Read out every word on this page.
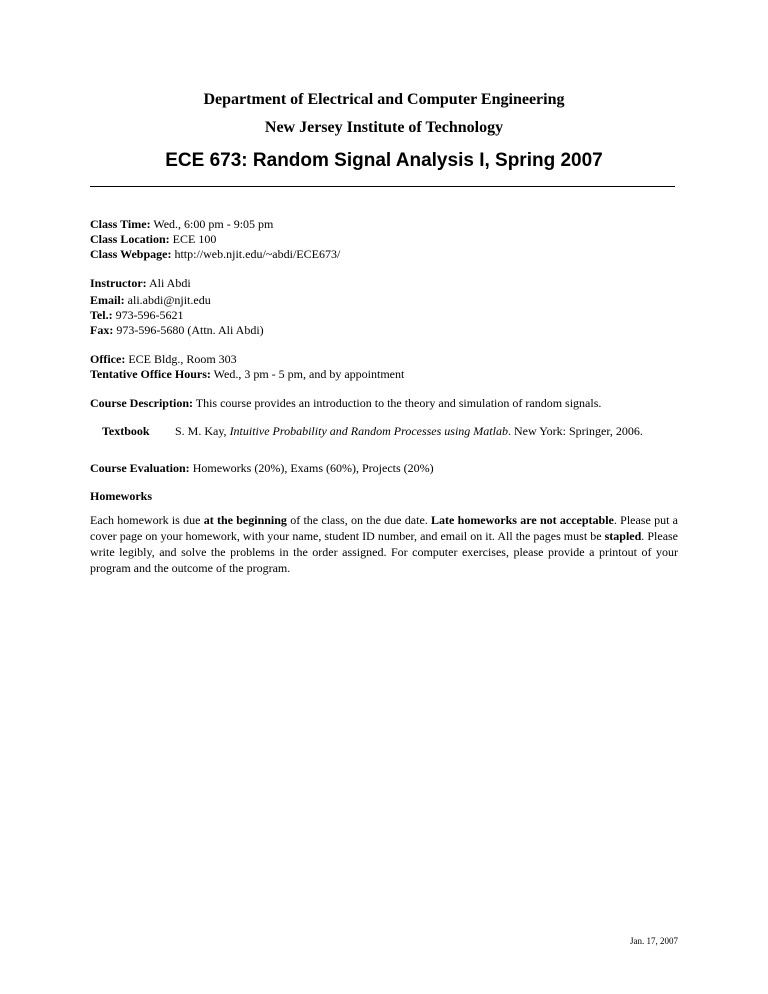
Department of Electrical and Computer Engineering
New Jersey Institute of Technology
ECE 673: Random Signal Analysis I, Spring 2007
Class Time: Wed., 6:00 pm - 9:05 pm
Class Location: ECE 100
Class Webpage: http://web.njit.edu/~abdi/ECE673/
Instructor: Ali Abdi
Email: ali.abdi@njit.edu
Tel.: 973-596-5621
Fax: 973-596-5680 (Attn. Ali Abdi)
Office: ECE Bldg., Room 303
Tentative Office Hours: Wed., 3 pm - 5 pm, and by appointment
Course Description: This course provides an introduction to the theory and simulation of random signals.
Textbook S. M. Kay, Intuitive Probability and Random Processes using Matlab. New York: Springer, 2006.
Course Evaluation: Homeworks (20%), Exams (60%), Projects (20%)
Homeworks
Each homework is due at the beginning of the class, on the due date. Late homeworks are not acceptable. Please put a cover page on your homework, with your name, student ID number, and email on it. All the pages must be stapled. Please write legibly, and solve the problems in the order assigned. For computer exercises, please provide a printout of your program and the outcome of the program.
Jan. 17, 2007
